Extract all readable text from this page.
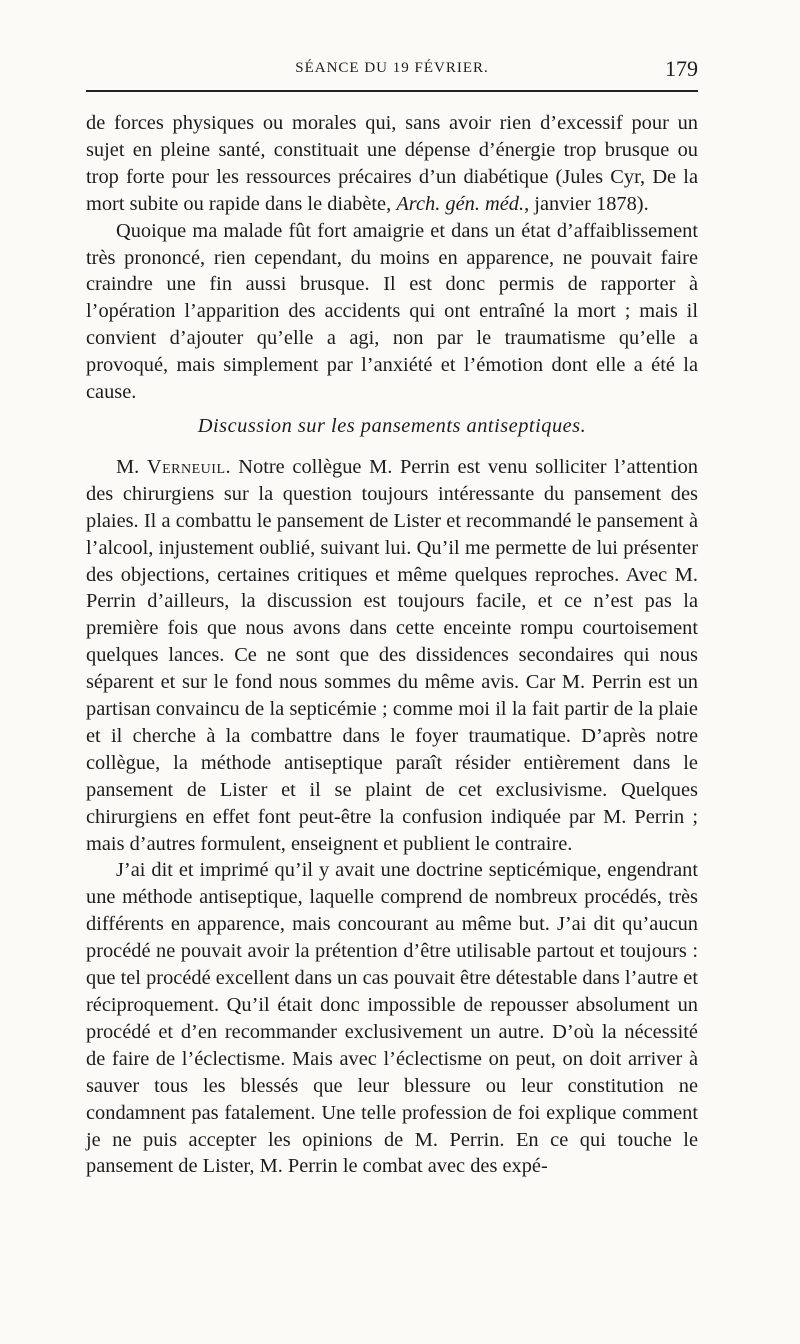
SÉANCE DU 19 FÉVRIER.	179

de forces physiques ou morales qui, sans avoir rien d’excessif pour un sujet en pleine santé, constituait une dépense d’énergie trop brusque ou trop forte pour les ressources précaires d’un diabétique (Jules Cyr, De la mort subite ou rapide dans le diabète, Arch. gén. méd., janvier 1878).

Quoique ma malade fût fort amaigrie et dans un état d’affaiblissement très prononcé, rien cependant, du moins en apparence, ne pouvait faire craindre une fin aussi brusque. Il est donc permis de rapporter à l’opération l’apparition des accidents qui ont entraîné la mort ; mais il convient d’ajouter qu’elle a agi, non par le traumatisme qu’elle a provoqué, mais simplement par l’anxiété et l’émotion dont elle a été la cause.

Discussion sur les pansements antiseptiques.

M. Verneuil. Notre collègue M. Perrin est venu solliciter l’attention des chirurgiens sur la question toujours intéressante du pansement des plaies. Il a combattu le pansement de Lister et recommandé le pansement à l’alcool, injustement oublié, suivant lui. Qu’il me permette de lui présenter des objections, certaines critiques et même quelques reproches. Avec M. Perrin d’ailleurs, la discussion est toujours facile, et ce n’est pas la première fois que nous avons dans cette enceinte rompu courtoisement quelques lances. Ce ne sont que des dissidences secondaires qui nous séparent et sur le fond nous sommes du même avis. Car M. Perrin est un partisan convaincu de la septicémie ; comme moi il la fait partir de la plaie et il cherche à la combattre dans le foyer traumatique. D’après notre collègue, la méthode antiseptique paraît résider entièrement dans le pansement de Lister et il se plaint de cet exclusivisme. Quelques chirurgiens en effet font peut-être la confusion indiquée par M. Perrin ; mais d’autres formulent, enseignent et publient le contraire.

J’ai dit et imprimé qu’il y avait une doctrine septicémique, engendrant une méthode antiseptique, laquelle comprend de nombreux procédés, très différents en apparence, mais concourant au même but. J’ai dit qu’aucun procédé ne pouvait avoir la prétention d’être utilisable partout et toujours : que tel procédé excellent dans un cas pouvait être détestable dans l’autre et réciproquement. Qu’il était donc impossible de repousser absolument un procédé et d’en recommander exclusivement un autre. D’où la nécessité de faire de l’éclectisme. Mais avec l’éclectisme on peut, on doit arriver à sauver tous les blessés que leur blessure ou leur constitution ne condamnent pas fatalement. Une telle profession de foi explique comment je ne puis accepter les opinions de M. Perrin. En ce qui touche le pansement de Lister, M. Perrin le combat avec des expé-
